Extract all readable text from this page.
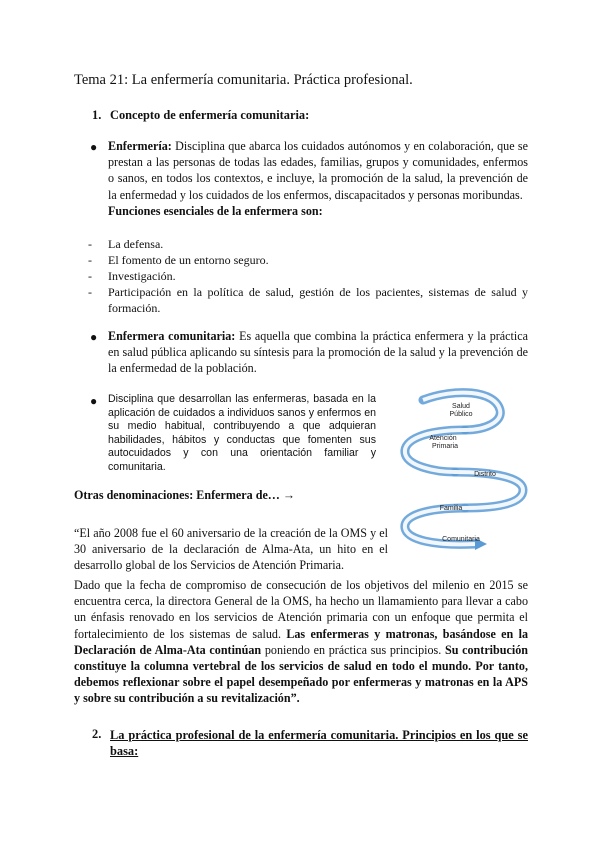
Tema 21: La enfermería comunitaria. Práctica profesional.
1. Concepto de enfermería comunitaria:
● Enfermería: Disciplina que abarca los cuidados autónomos y en colaboración, que se prestan a las personas de todas las edades, familias, grupos y comunidades, enfermos o sanos, en todos los contextos, e incluye, la promoción de la salud, la prevención de la enfermedad y los cuidados de los enfermos, discapacitados y personas moribundas.
Funciones esenciales de la enfermera son:
- La defensa.
- El fomento de un entorno seguro.
- Investigación.
- Participación en la política de salud, gestión de los pacientes, sistemas de salud y formación.
● Enfermera comunitaria: Es aquella que combina la práctica enfermera y la práctica en salud pública aplicando su síntesis para la promoción de la salud y la prevención de la enfermedad de la población.
● Disciplina que desarrollan las enfermeras, basada en la aplicación de cuidados a individuos sanos y enfermos en su medio habitual, contribuyendo a que adquieran habilidades, hábitos y conductas que fomenten sus autocuidados y con una orientación familiar y comunitaria.
Otras denominaciones: Enfermera de… →
“El año 2008 fue el 60 aniversario de la creación de la OMS y el 30 aniversario de la declaración de Alma-Ata, un hito en el desarrollo global de los Servicios de Atención Primaria.
Dado que la fecha de compromiso de consecución de los objetivos del milenio en 2015 se encuentra cerca, la directora General de la OMS, ha hecho un llamamiento para llevar a cabo un énfasis renovado en los servicios de Atención primaria con un enfoque que permita el fortalecimiento de los sistemas de salud. Las enfermeras y matronas, basándose en la Declaración de Alma-Ata continúan poniendo en práctica sus principios. Su contribución constituye la columna vertebral de los servicios de salud en todo el mundo. Por tanto, debemos reflexionar sobre el papel desempeñado por enfermeras y matronas en la APS y sobre su contribución a su revitalización”.
2. La práctica profesional de la enfermería comunitaria. Principios en los que se basa:
Salud
Público
Atención
Primaria
Distrito
Familia
Comunitaria
